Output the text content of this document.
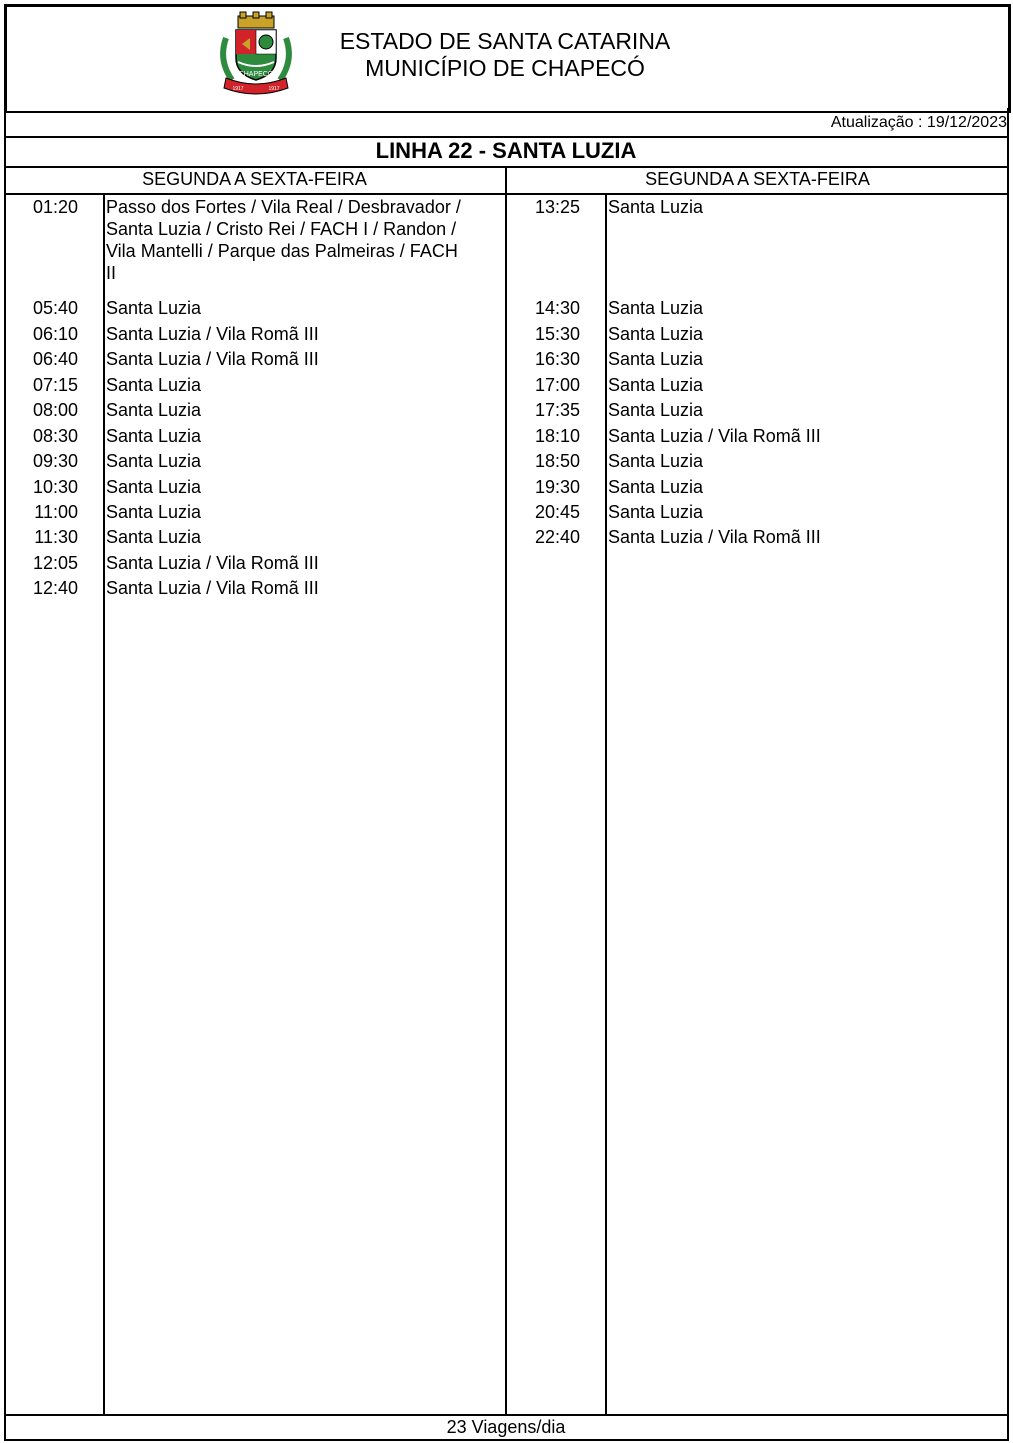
CHAPECÓ
1917	1917
ESTADO DE SANTA CATARINA
MUNICÍPIO DE CHAPECÓ
Atualização : 19/12/2023
LINHA 22 - SANTA LUZIA
SEGUNDA A SEXTA-FEIRA	SEGUNDA A SEXTA-FEIRA
01:20 Passo dos Fortes / Vila Real / Desbravador /
Santa Luzia / Cristo Rei / FACH I / Randon /
Vila Mantelli / Parque das Palmeiras / FACH
II
05:40 Santa Luzia
06:10 Santa Luzia / Vila Romã III
06:40 Santa Luzia / Vila Romã III
07:15 Santa Luzia
08:00 Santa Luzia
08:30 Santa Luzia
09:30 Santa Luzia
10:30 Santa Luzia
11:00 Santa Luzia
11:30 Santa Luzia
12:05 Santa Luzia / Vila Romã III
12:40 Santa Luzia / Vila Romã III
13:25 Santa Luzia
14:30 Santa Luzia
15:30 Santa Luzia
16:30 Santa Luzia
17:00 Santa Luzia
17:35 Santa Luzia
18:10 Santa Luzia / Vila Romã III
18:50 Santa Luzia
19:30 Santa Luzia
20:45 Santa Luzia
22:40 Santa Luzia / Vila Romã III
23 Viagens/dia
